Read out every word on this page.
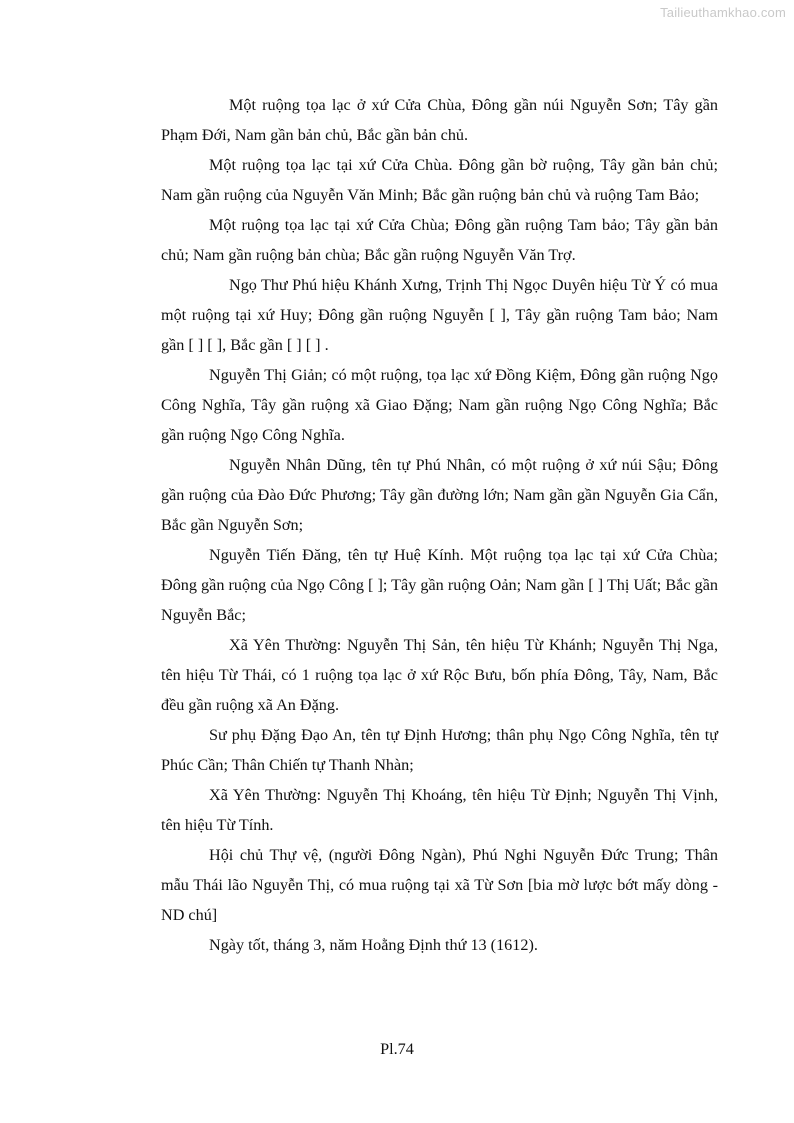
Tailieuthamkhao.com

Một ruộng tọa lạc ở xứ Cửa Chùa, Đông gần núi Nguyễn Sơn; Tây gần Phạm Đới, Nam gần bản chủ, Bắc gần bản chủ.

Một ruộng tọa lạc tại xứ Cửa Chùa. Đông gần bờ ruộng, Tây gần bản chủ; Nam gần ruộng của Nguyễn Văn Minh; Bắc gần ruộng bản chủ và ruộng Tam Bảo;

Một ruộng tọa lạc tại xứ Cửa Chùa; Đông gần ruộng Tam bảo; Tây gần bản chủ; Nam gần ruộng bản chùa; Bắc gần ruộng Nguyễn Văn Trợ.

Ngọ Thư Phú hiệu Khánh Xưng, Trịnh Thị Ngọc Duyên hiệu Từ Ý có mua một ruộng tại xứ Huy; Đông gần ruộng Nguyễn [ ], Tây gần ruộng Tam bảo; Nam gần [ ] [ ], Bắc gần [ ] [ ] .

Nguyễn Thị Giản; có một ruộng, tọa lạc xứ Đồng Kiệm, Đông gần ruộng Ngọ Công Nghĩa, Tây gần ruộng xã Giao Đặng; Nam gần ruộng Ngọ Công Nghĩa; Bắc gần ruộng Ngọ Công Nghĩa.

Nguyễn Nhân Dũng, tên tự Phú Nhân, có một ruộng ở xứ núi Sậu; Đông gần ruộng của Đào Đức Phương; Tây gần đường lớn; Nam gần gần Nguyễn Gia Cẩn, Bắc gần Nguyễn Sơn;

Nguyễn Tiến Đăng, tên tự Huệ Kính. Một ruộng tọa lạc tại xứ Cửa Chùa; Đông gần ruộng của Ngọ Công [ ]; Tây gần ruộng Oản; Nam gần [ ] Thị Uất; Bắc gần Nguyễn Bắc;

Xã Yên Thường: Nguyễn Thị Sản, tên hiệu Từ Khánh; Nguyễn Thị Nga, tên hiệu Từ Thái, có 1 ruộng tọa lạc ở xứ Rộc Bưu, bốn phía Đông, Tây, Nam, Bắc đều gần ruộng xã An Đặng.

Sư phụ Đặng Đạo An, tên tự Định Hương; thân phụ Ngọ Công Nghĩa, tên tự Phúc Cần; Thân Chiến tự Thanh Nhàn;

Xã Yên Thường: Nguyễn Thị Khoáng, tên hiệu Từ Định; Nguyễn Thị Vịnh, tên hiệu Từ Tính.

Hội chủ Thự vệ, (người Đông Ngàn), Phú Nghi Nguyễn Đức Trung; Thân mẫu Thái lão Nguyễn Thị, có mua ruộng tại xã Từ Sơn [bia mờ lược bớt mấy dòng - ND chú]

Ngày tốt, tháng 3, năm Hoằng Định thứ 13 (1612).

Pl.74
